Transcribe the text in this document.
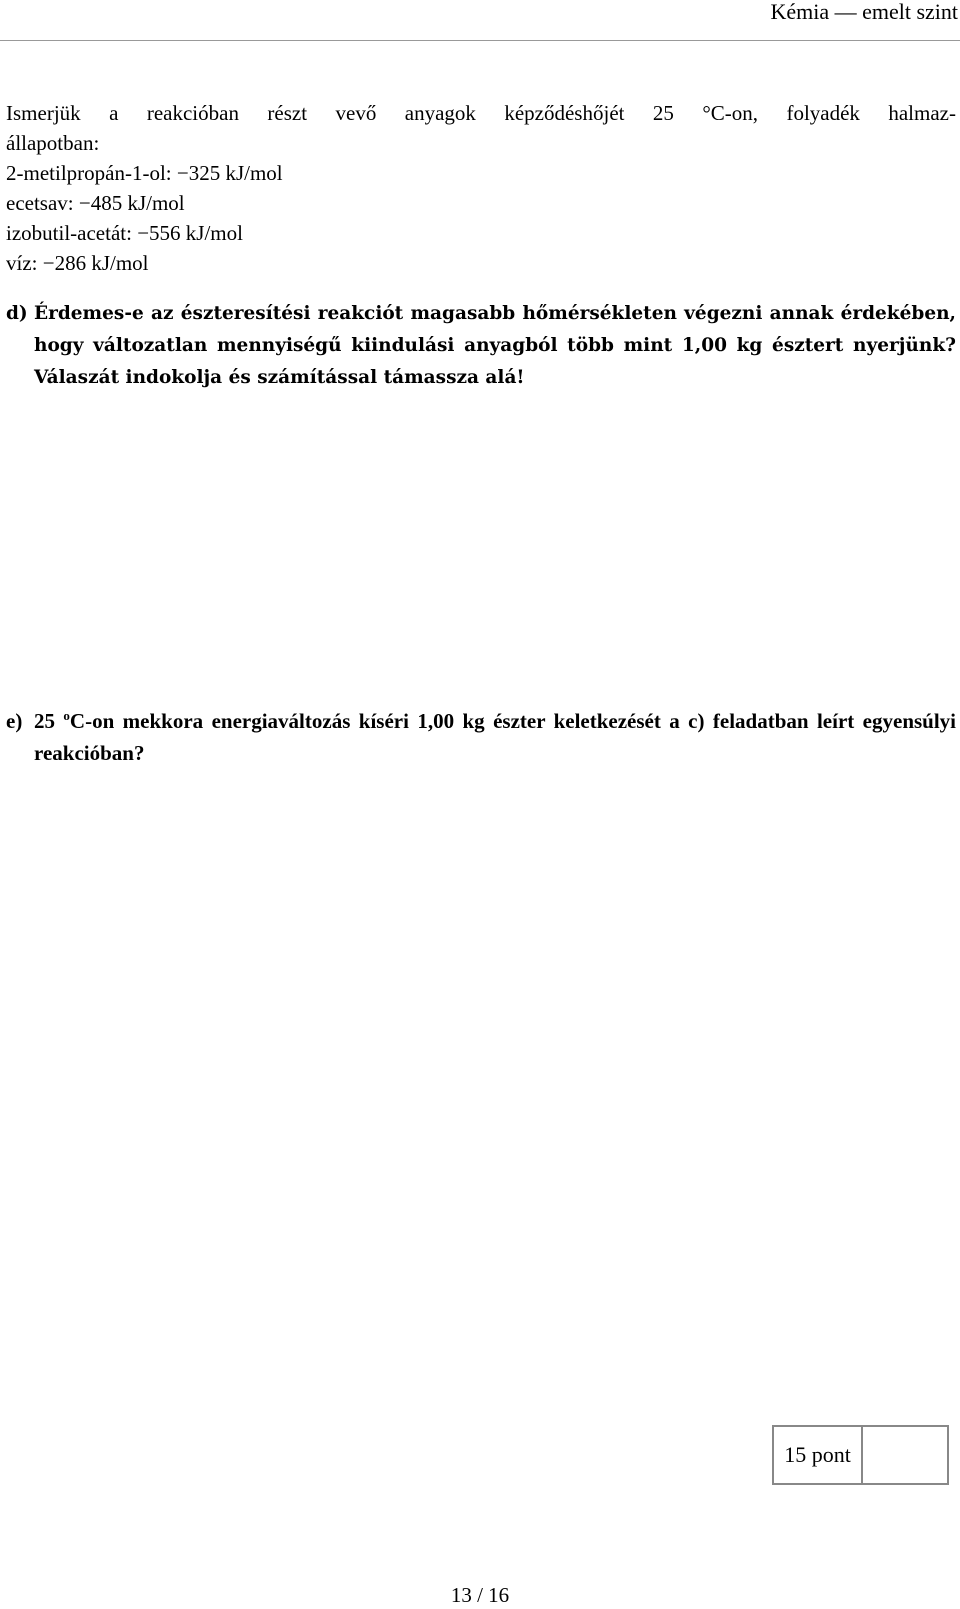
Kémia — emelt szint

Ismerjük a reakcióban részt vevő anyagok képződéshőjét 25 °C-on, folyadék halmaz-
állapotban:

2-metilpropán-1-ol: −325 kJ/mol
ecetsav: −485 kJ/mol
izobutil-acetát: −556 kJ/mol
víz: −286 kJ/mol

d) Érdemes-e az észteresítési reakciót magasabb hőmérsékleten végezni annak érdekében, hogy változatlan mennyiségű kiindulási anyagból több mint 1,00 kg észtert nyerjünk? Válaszát indokolja és számítással támassza alá!

e) 25 $^o$C-on mekkora energiaváltozás kíséri 1,00 kg észter keletkezését a c) feladatban leírt egyensúlyi reakcióban?

15 pont
13 / 16
